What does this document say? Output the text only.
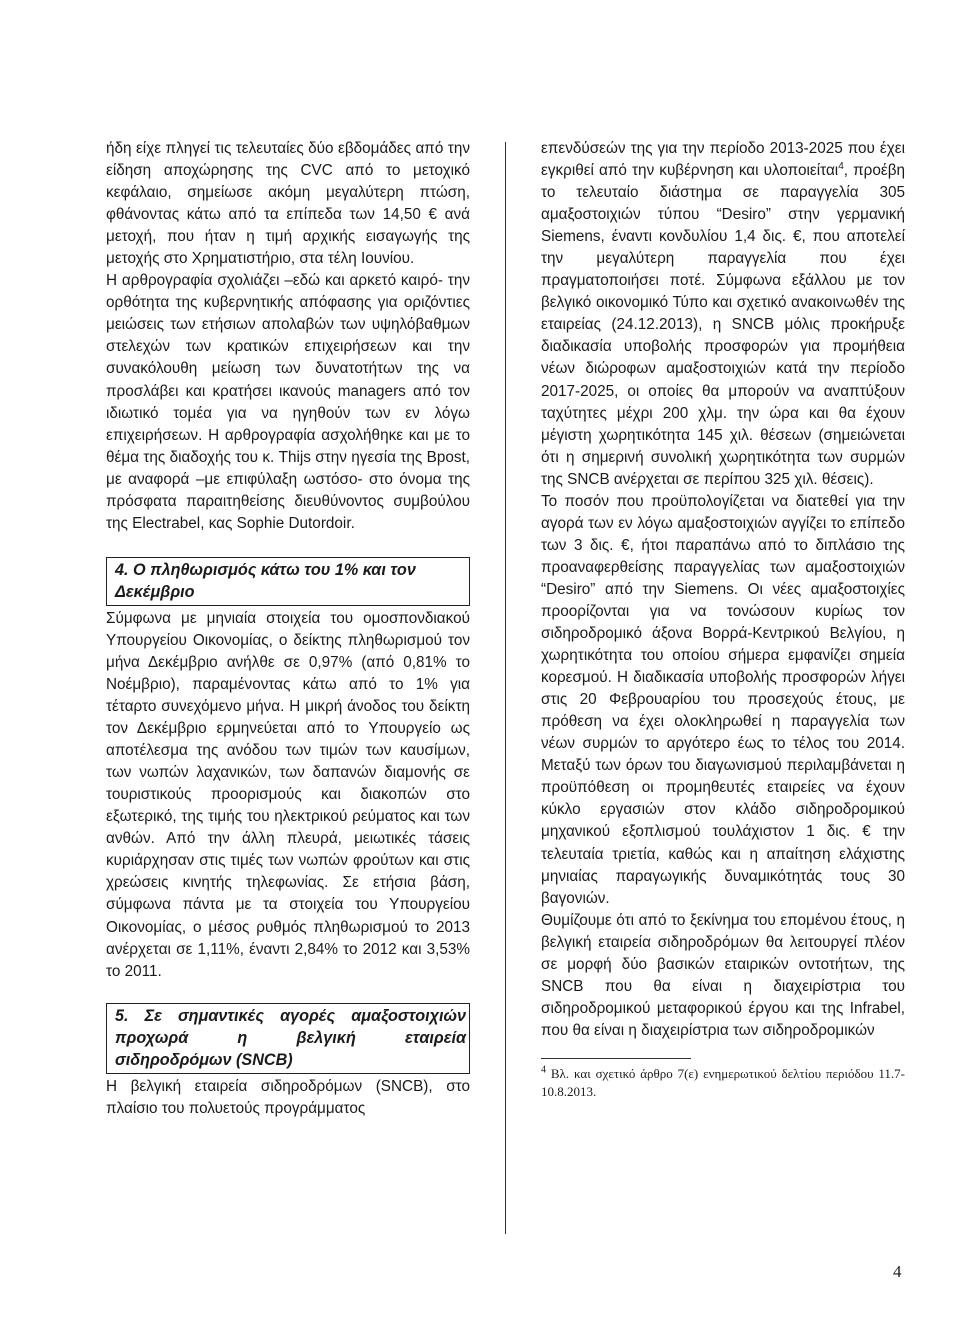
ήδη είχε πληγεί τις τελευταίες δύο εβδομάδες από την είδηση αποχώρησης της CVC από το μετοχικό κεφάλαιο, σημείωσε ακόμη μεγαλύτερη πτώση, φθάνοντας κάτω από τα επίπεδα των 14,50 € ανά μετοχή, που ήταν η τιμή αρχικής εισαγωγής της μετοχής στο Χρηματιστήριο, στα τέλη Ιουνίου.

Η αρθρογραφία σχολιάζει –εδώ και αρκετό καιρό- την ορθότητα της κυβερνητικής απόφασης για οριζόντιες μειώσεις των ετήσιων απολαβών των υψηλόβαθμων στελεχών των κρατικών επιχειρήσεων και την συνακόλουθη μείωση των δυνατοτήτων της να προσλάβει και κρατήσει ικανούς managers από τον ιδιωτικό τομέα για να ηγηθούν των εν λόγω επιχειρήσεων. Η αρθρογραφία ασχολήθηκε και με το θέμα της διαδοχής του κ. Thijs στην ηγεσία της Bpost, με αναφορά –με επιφύλαξη ωστόσο- στο όνομα της πρόσφατα παραιτηθείσης διευθύνοντος συμβούλου της Electrabel, κας Sophie Dutordoir.

4. Ο πληθωρισμός κάτω του 1% και τον
Δεκέμβριο

Σύμφωνα με μηνιαία στοιχεία του ομοσπονδιακού Υπουργείου Οικονομίας, ο δείκτης πληθωρισμού τον μήνα Δεκέμβριο ανήλθε σε 0,97% (από 0,81% το Νοέμβριο), παραμένοντας κάτω από το 1% για τέταρτο συνεχόμενο μήνα. Η μικρή άνοδος του δείκτη τον Δεκέμβριο ερμηνεύεται από το Υπουργείο ως αποτέλεσμα της ανόδου των τιμών των καυσίμων, των νωπών λαχανικών, των δαπανών διαμονής σε τουριστικούς προορισμούς και διακοπών στο εξωτερικό, της τιμής του ηλεκτρικού ρεύματος και των ανθών. Από την άλλη πλευρά, μειωτικές τάσεις κυριάρχησαν στις τιμές των νωπών φρούτων και στις χρεώσεις κινητής τηλεφωνίας. Σε ετήσια βάση, σύμφωνα πάντα με τα στοιχεία του Υπουργείου Οικονομίας, ο μέσος ρυθμός πληθωρισμού το 2013 ανέρχεται σε 1,11%, έναντι 2,84% το 2012 και 3,53% το 2011.

5. Σε σημαντικές αγορές αμαξοστοιχιών
προχωρά η βελγική εταιρεία
σιδηροδρόμων (SNCB)

Η βελγική εταιρεία σιδηροδρόμων (SNCB), στο πλαίσιο του πολυετούς προγράμματος

επενδύσεών της για την περίοδο 2013-2025 που έχει εγκριθεί από την κυβέρνηση και υλοποιείται$^4$, προέβη το τελευταίο διάστημα σε παραγγελία 305 αμαξοστοιχιών τύπου “Desiro” στην γερμανική Siemens, έναντι κονδυλίου 1,4 δις. €, που αποτελεί την μεγαλύτερη παραγγελία που έχει πραγματοποιήσει ποτέ. Σύμφωνα εξάλλου με τον βελγικό οικονομικό Τύπο και σχετικό ανακοινωθέν της εταιρείας (24.12.2013), η SNCB μόλις προκήρυξε διαδικασία υποβολής προσφορών για προμήθεια νέων διώροφων αμαξοστοιχιών κατά την περίοδο 2017-2025, οι οποίες θα μπορούν να αναπτύξουν ταχύτητες μέχρι 200 χλμ. την ώρα και θα έχουν μέγιστη χωρητικότητα 145 χιλ. θέσεων (σημειώνεται ότι η σημερινή συνολική χωρητικότητα των συρμών της SNCB ανέρχεται σε περίπου 325 χιλ. θέσεις).

Το ποσόν που προϋπολογίζεται να διατεθεί για την αγορά των εν λόγω αμαξοστοιχιών αγγίζει το επίπεδο των 3 δις. €, ήτοι παραπάνω από το διπλάσιο της προαναφερθείσης παραγγελίας των αμαξοστοιχιών “Desiro” από την Siemens. Οι νέες αμαξοστοιχίες προορίζονται για να τονώσουν κυρίως τον σιδηροδρομικό άξονα Βορρά-Κεντρικού Βελγίου, η χωρητικότητα του οποίου σήμερα εμφανίζει σημεία κορεσμού. Η διαδικασία υποβολής προσφορών λήγει στις 20 Φεβρουαρίου του προσεχούς έτους, με πρόθεση να έχει ολοκληρωθεί η παραγγελία των νέων συρμών το αργότερο έως το τέλος του 2014. Μεταξύ των όρων του διαγωνισμού περιλαμβάνεται η προϋπόθεση οι προμηθευτές εταιρείες να έχουν κύκλο εργασιών στον κλάδο σιδηροδρομικού μηχανικού εξοπλισμού τουλάχιστον 1 δις. € την τελευταία τριετία, καθώς και η απαίτηση ελάχιστης μηνιαίας παραγωγικής δυναμικότητάς τους 30 βαγονιών.

Θυμίζουμε ότι από το ξεκίνημα του επομένου έτους, η βελγική εταιρεία σιδηροδρόμων θα λειτουργεί πλέον σε μορφή δύο βασικών εταιρικών οντοτήτων, της SNCB που θα είναι η διαχειρίστρια του σιδηροδρομικού μεταφορικού έργου και της Infrabel, που θα είναι η διαχειρίστρια των σιδηροδρομικών

$^4$ Βλ. και σχετικό άρθρο 7(ε) ενημερωτικού δελτίου περιόδου 11.7-10.8.2013.

4
